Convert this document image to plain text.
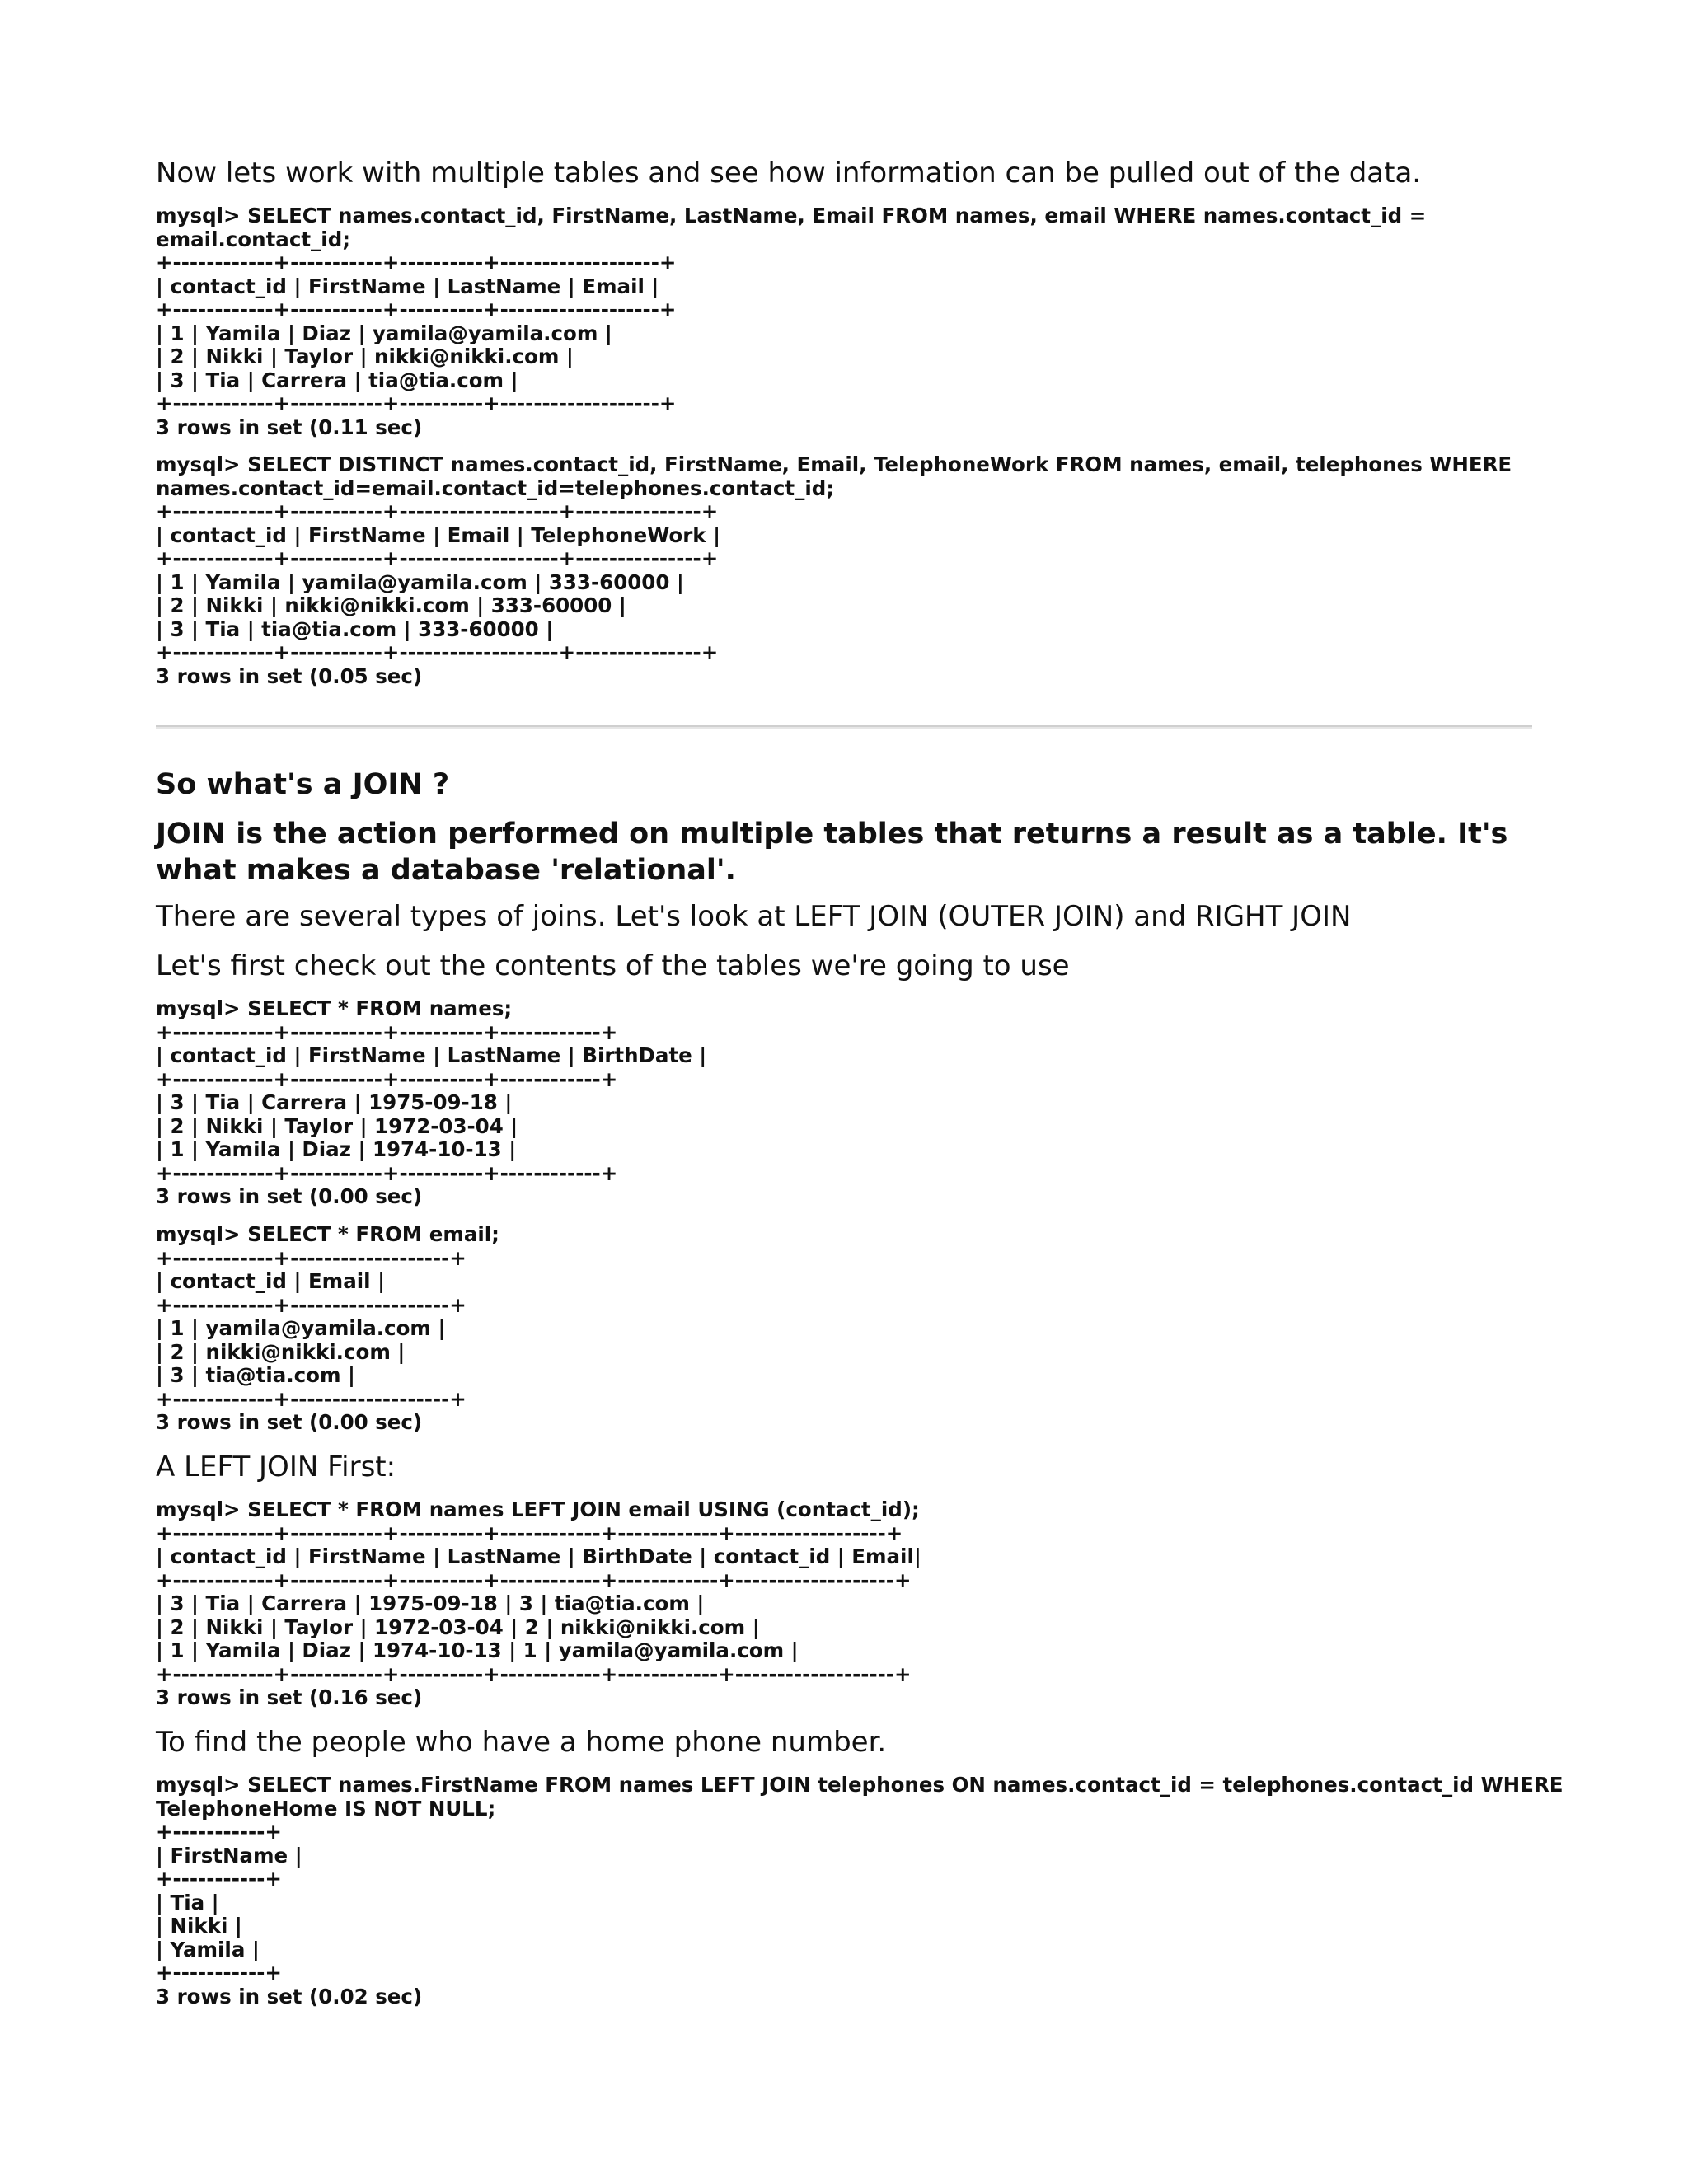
Now lets work with multiple tables and see how information can be pulled out of the data.

mysql> SELECT names.contact_id, FirstName, LastName, Email FROM names, email WHERE names.contact_id =
email.contact_id;
+------------+-----------+----------+-------------------+
| contact_id | FirstName | LastName | Email |
+------------+-----------+----------+-------------------+
| 1 | Yamila | Diaz | yamila@yamila.com |
| 2 | Nikki | Taylor | nikki@nikki.com |
| 3 | Tia | Carrera | tia@tia.com |
+------------+-----------+----------+-------------------+
3 rows in set (0.11 sec)
mysql> SELECT DISTINCT names.contact_id, FirstName, Email, TelephoneWork FROM names, email, telephones WHERE
names.contact_id=email.contact_id=telephones.contact_id;
+------------+-----------+-------------------+---------------+
| contact_id | FirstName | Email | TelephoneWork |
+------------+-----------+-------------------+---------------+
| 1 | Yamila | yamila@yamila.com | 333-60000 |
| 2 | Nikki | nikki@nikki.com | 333-60000 |
| 3 | Tia | tia@tia.com | 333-60000 |
+------------+-----------+-------------------+---------------+
3 rows in set (0.05 sec)
So what's a JOIN ?
JOIN is the action performed on multiple tables that returns a result as a table. It's what makes a database 'relational'.

There are several types of joins. Let's look at LEFT JOIN (OUTER JOIN) and RIGHT JOIN

Let's first check out the contents of the tables we're going to use

mysql> SELECT * FROM names;
+------------+-----------+----------+------------+
| contact_id | FirstName | LastName | BirthDate |
+------------+-----------+----------+------------+
| 3 | Tia | Carrera | 1975-09-18 |
| 2 | Nikki | Taylor | 1972-03-04 |
| 1 | Yamila | Diaz | 1974-10-13 |
+------------+-----------+----------+------------+
3 rows in set (0.00 sec)
mysql> SELECT * FROM email;
+------------+-------------------+
| contact_id | Email |
+------------+-------------------+
| 1 | yamila@yamila.com |
| 2 | nikki@nikki.com |
| 3 | tia@tia.com |
+------------+-------------------+
3 rows in set (0.00 sec)

A LEFT JOIN First:

mysql> SELECT * FROM names LEFT JOIN email USING (contact_id);
+------------+-----------+----------+------------+------------+------------------+
| contact_id | FirstName | LastName | BirthDate | contact_id | Email|
+------------+-----------+----------+------------+------------+-------------------+
| 3 | Tia | Carrera | 1975-09-18 | 3 | tia@tia.com |
| 2 | Nikki | Taylor | 1972-03-04 | 2 | nikki@nikki.com |
| 1 | Yamila | Diaz | 1974-10-13 | 1 | yamila@yamila.com |
+------------+-----------+----------+------------+------------+-------------------+
3 rows in set (0.16 sec)

To find the people who have a home phone number.

mysql> SELECT names.FirstName FROM names LEFT JOIN telephones ON names.contact_id = telephones.contact_id WHERE
TelephoneHome IS NOT NULL;
+-----------+
| FirstName |
+-----------+
| Tia |
| Nikki |
| Yamila |
+-----------+
3 rows in set (0.02 sec)
